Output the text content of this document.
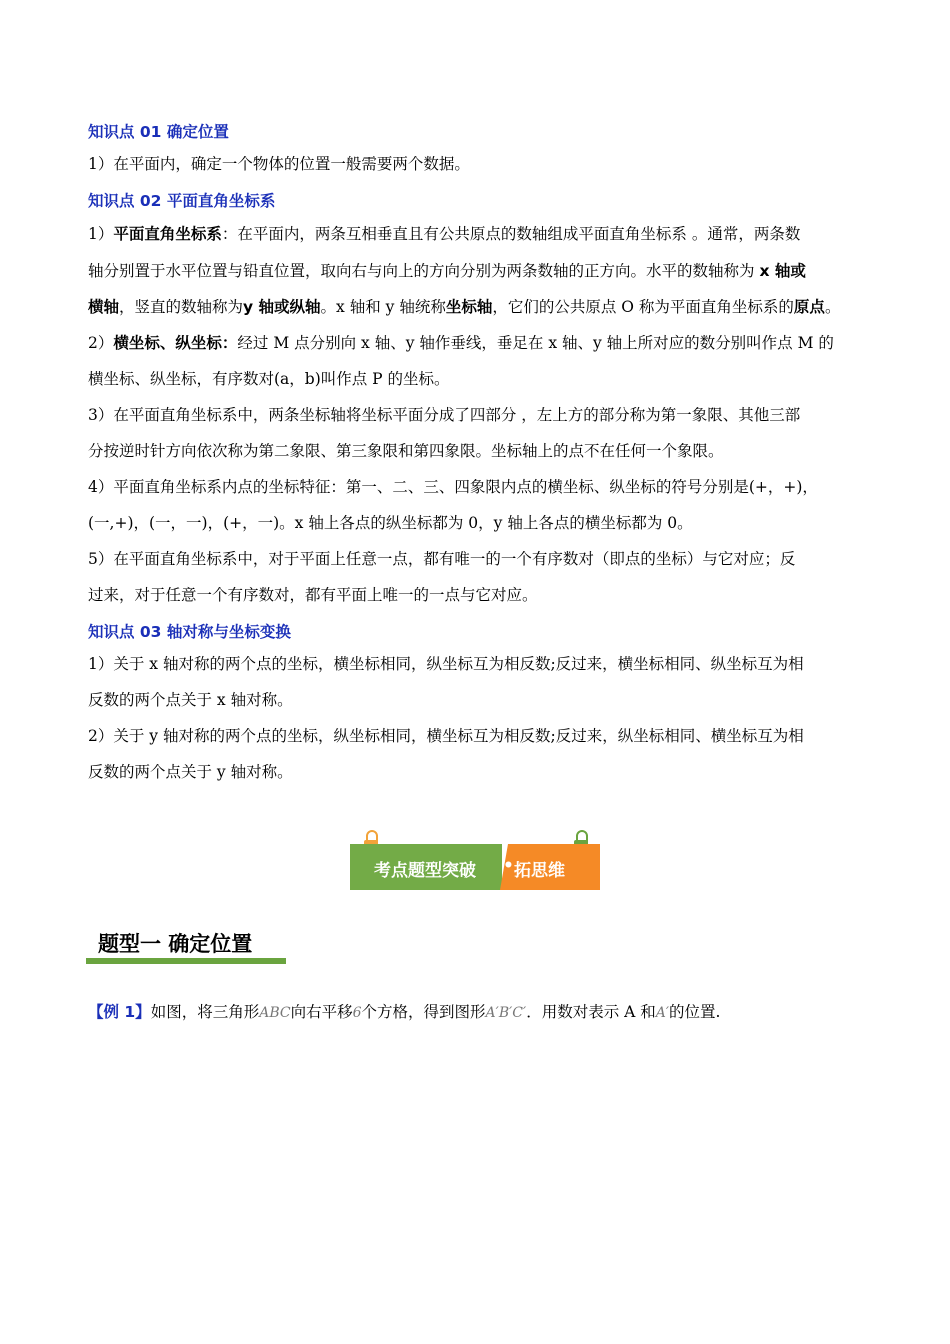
知识点 01 确定位置
1）在平面内，确定一个物体的位置一般需要两个数据。
知识点 02 平面直角坐标系
1）平面直角坐标系：在平面内，两条互相垂直且有公共原点的数轴组成平面直角坐标系 。通常，两条数
轴分别置于水平位置与铅直位置，取向右与向上的方向分别为两条数轴的正方向。水平的数轴称为 x 轴或
横轴，竖直的数轴称为y 轴或纵轴。x 轴和 y 轴统称坐标轴，它们的公共原点 O 称为平面直角坐标系的原点。
2）横坐标、纵坐标：经过 M 点分别向 x 轴、y 轴作垂线，垂足在 x 轴、y 轴上所对应的数分别叫作点 M 的
横坐标、纵坐标，有序数对(a，b)叫作点 P 的坐标。
3）在平面直角坐标系中，两条坐标轴将坐标平面分成了四部分 ，左上方的部分称为第一象限、其他三部
分按逆时针方向依次称为第二象限、第三象限和第四象限。坐标轴上的点不在任何一个象限。
4）平面直角坐标系内点的坐标特征：第一、二、三、四象限内点的横坐标、纵坐标的符号分别是(+，+)，
(一,+)，(一，一)，(+，一)。x 轴上各点的纵坐标都为 0，y 轴上各点的横坐标都为 0。
5）在平面直角坐标系中，对于平面上任意一点，都有唯一的一个有序数对（即点的坐标）与它对应；反
过来，对于任意一个有序数对，都有平面上唯一的一点与它对应。
知识点 03 轴对称与坐标变换
1）关于 x 轴对称的两个点的坐标，横坐标相同，纵坐标互为相反数;反过来，横坐标相同、纵坐标互为相
反数的两个点关于 x 轴对称。
2）关于 y 轴对称的两个点的坐标，纵坐标相同，横坐标互为相反数;反过来，纵坐标相同、横坐标互为相
反数的两个点关于 y 轴对称。
考点题型突破 • 拓思维
题型一 确定位置
【例 1】如图，将三角形ABC向右平移6个方格，得到图形A′B′C′．用数对表示 A 和A′的位置.
